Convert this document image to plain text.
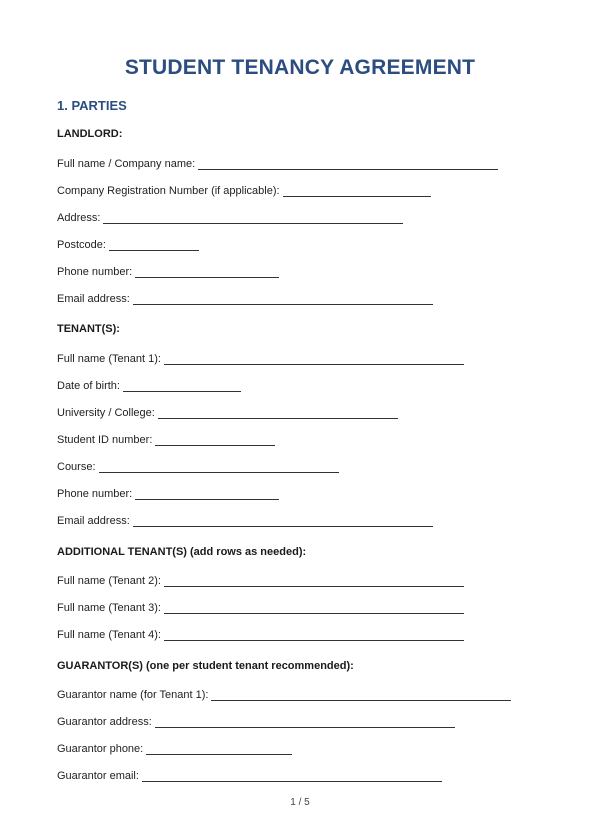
STUDENT TENANCY AGREEMENT
1. PARTIES
LANDLORD:
Full name / Company name:
Company Registration Number (if applicable):
Address:
Postcode:
Phone number:
Email address:
TENANT(S):
Full name (Tenant 1):
Date of birth:
University / College:
Student ID number:
Course:
Phone number:
Email address:
ADDITIONAL TENANT(S) (add rows as needed):
Full name (Tenant 2):
Full name (Tenant 3):
Full name (Tenant 4):
GUARANTOR(S) (one per student tenant recommended):
Guarantor name (for Tenant 1):
Guarantor address:
Guarantor phone:
Guarantor email:
1 / 5
